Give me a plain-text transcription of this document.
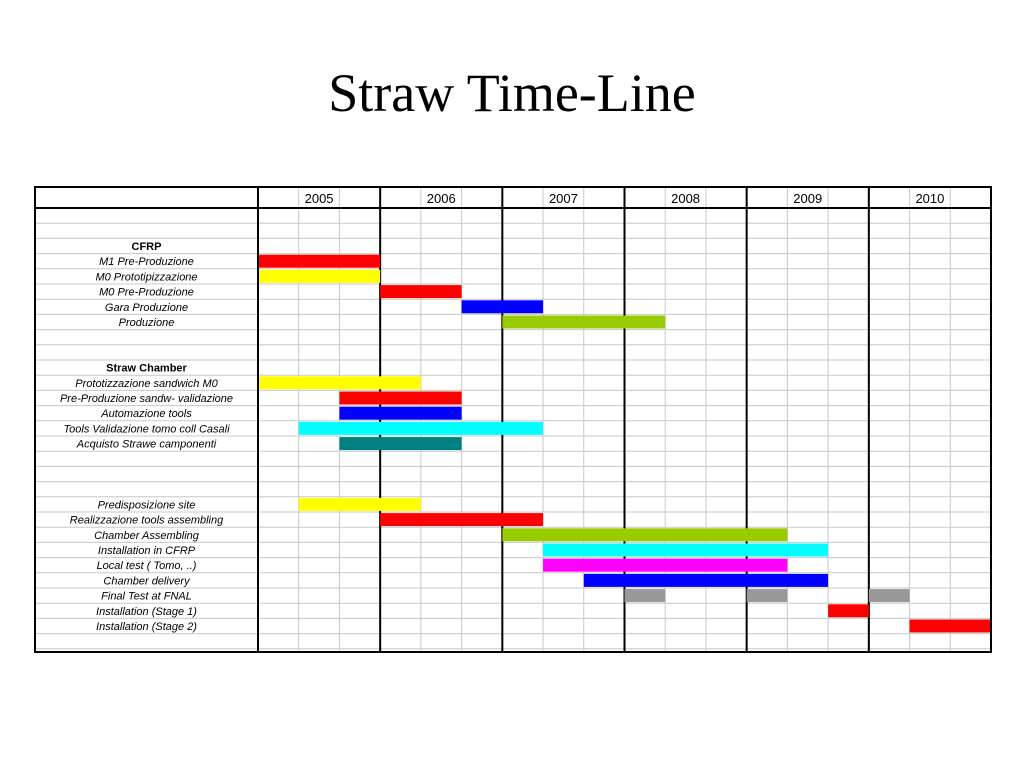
Straw Time-Line
2005	2006	2007	2008	2009	2010
CFRP
M1 Pre-Produzione
M0 Prototipizzazione
M0 Pre-Produzione
Gara Produzione
Produzione
Straw Chamber
Prototizzazione sandwich M0
Pre-Produzione sandw- validazione
Automazione tools
Tools Validazione tomo coll Casali
Acquisto Strawe camponenti
Predisposizione site
Realizzazione tools assembling
Chamber Assembling
Installation in CFRP
Local test ( Tomo, ..)
Chamber delivery
Final Test at FNAL
Installation (Stage 1)
Installation (Stage 2)
